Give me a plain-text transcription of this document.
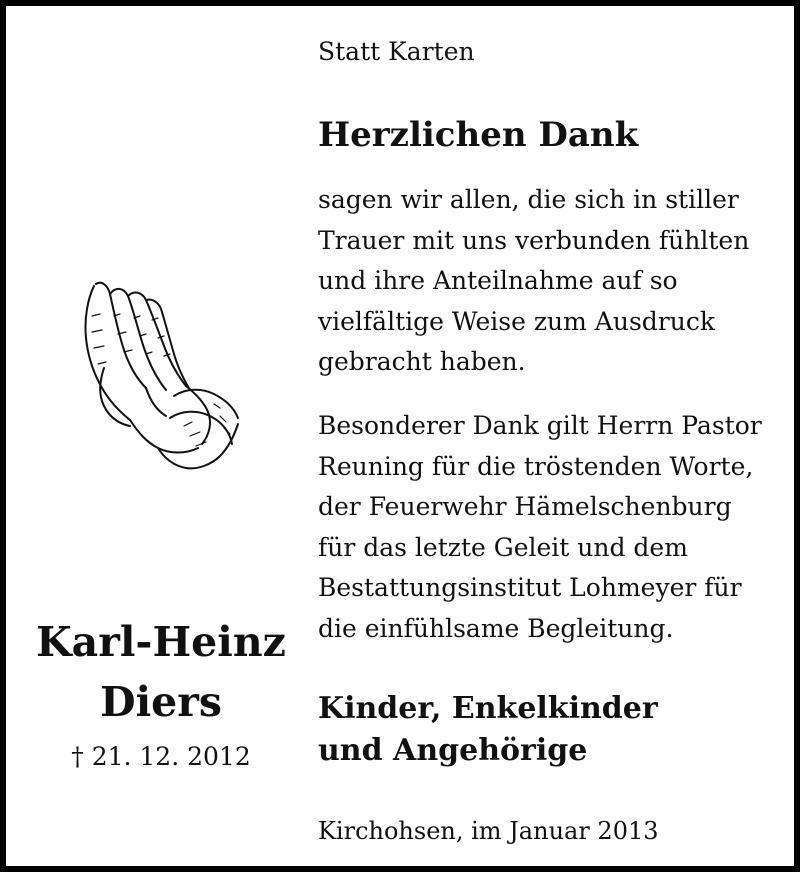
Statt Karten
Herzlichen Dank
sagen wir allen, die sich in stiller
Trauer mit uns verbunden fühlten
und ihre Anteilnahme auf so
vielfältige Weise zum Ausdruck
gebracht haben.
Besonderer Dank gilt Herrn Pastor
Reuning für die tröstenden Worte,
der Feuerwehr Hämelschenburg
für das letzte Geleit und dem
Bestattungsinstitut Lohmeyer für
die einfühlsame Begleitung.
Kinder, Enkelkinder
und Angehörige
Kirchohsen, im Januar 2013
Karl-Heinz
Diers
† 21. 12. 2012
